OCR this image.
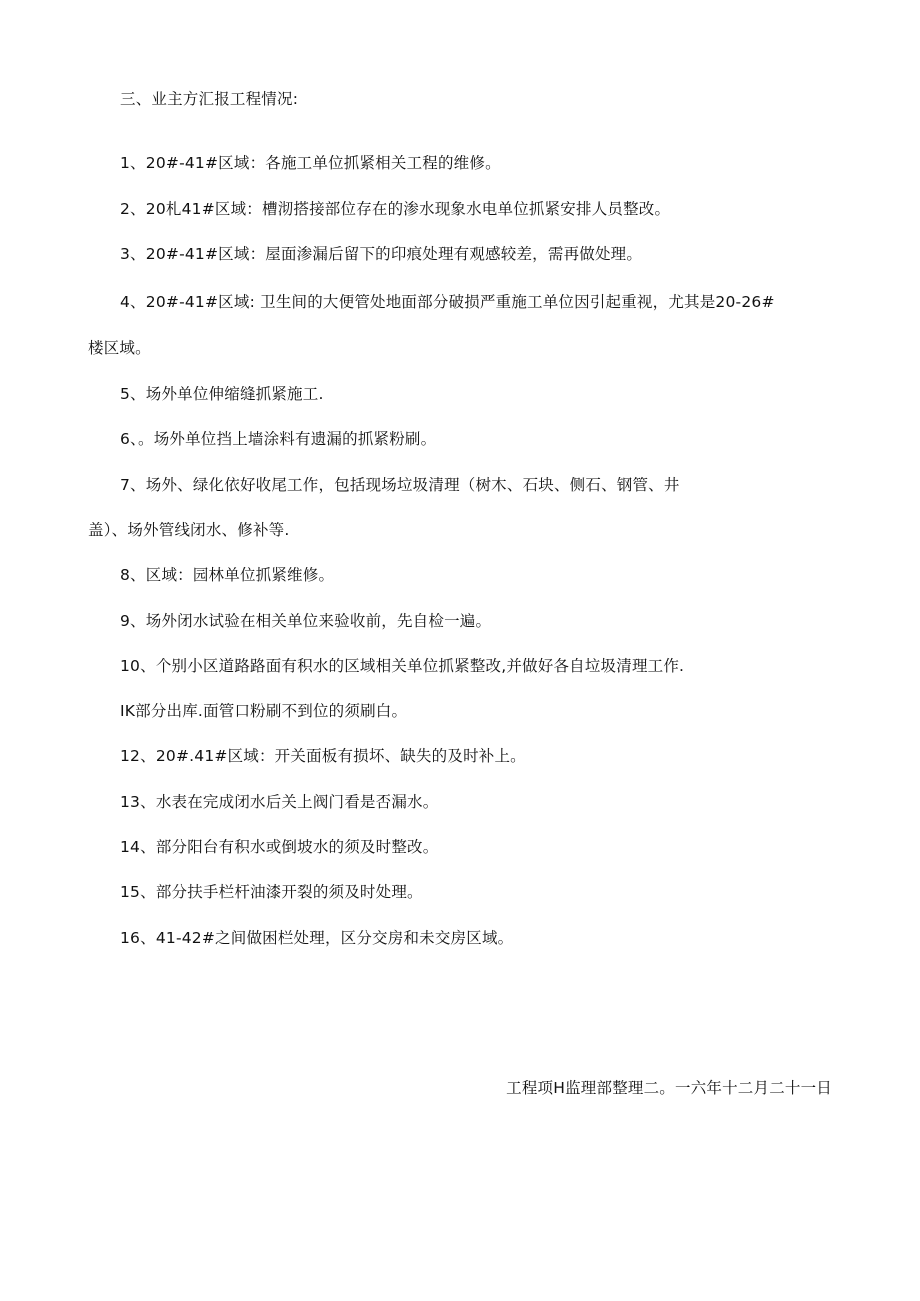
三、业主方汇报工程情况:

1、20#-41#区域：各施工单位抓紧相关工程的维修。

2、20札41#区域：槽沏搭接部位存在的渗水现象水电单位抓紧安排人员整改。

3、20#-41#区域：屋面渗漏后留下的印痕处理有观感较差，需再做处理。

4、20#-41#区域: 卫生间的大便管处地面部分破损严重施工单位因引起重视，尤其是20-26#

楼区域。

5、场外单位伸缩缝抓紧施工.

6、。场外单位挡上墙涂料有遗漏的抓紧粉刷。

7、场外、绿化依好收尾工作，包括现场垃圾清理（树木、石块、侧石、钢管、井

盖）、场外管线闭水、修补等.

8、区域：园林单位抓紧维修。

9、场外闭水试验在相关单位来验收前，先自检一遍。

10、个别小区道路路面有积水的区域相关单位抓紧整改,并做好各自垃圾清理工作.

IK部分出库.面管口粉刷不到位的须刷白。

12、20#.41#区域：开关面板有损坏、缺失的及时补上。

13、水表在完成闭水后关上阀门看是否漏水。

14、部分阳台有积水或倒坡水的须及时整改。

15、部分扶手栏杆油漆开裂的须及时处理。

16、41-42#之间做困栏处理，区分交房和未交房区域。

工程项H监理部整理二。一六年十二月二十一日
